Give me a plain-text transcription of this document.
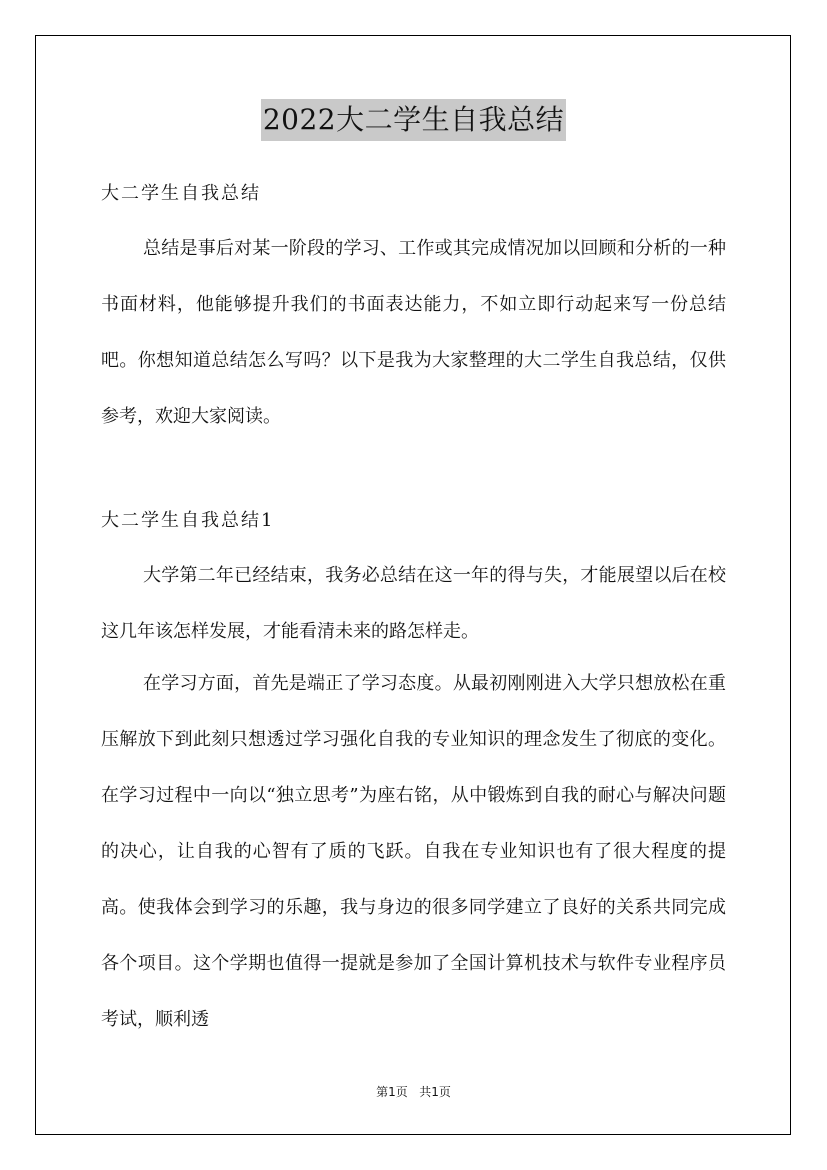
2022大二学生自我总结
大二学生自我总结

总结是事后对某一阶段的学习、工作或其完成情况加以回顾和分析的一种书面材料，他能够提升我们的书面表达能力，不如立即行动起来写一份总结吧。你想知道总结怎么写吗？以下是我为大家整理的大二学生自我总结，仅供参考，欢迎大家阅读。

大二学生自我总结1

大学第二年已经结束，我务必总结在这一年的得与失，才能展望以后在校这几年该怎样发展，才能看清未来的路怎样走。

在学习方面，首先是端正了学习态度。从最初刚刚进入大学只想放松在重压解放下到此刻只想透过学习强化自我的专业知识的理念发生了彻底的变化。在学习过程中一向以“独立思考”为座右铭，从中锻炼到自我的耐心与解决问题的决心，让自我的心智有了质的飞跃。自我在专业知识也有了很大程度的提高。使我体会到学习的乐趣，我与身边的很多同学建立了良好的关系共同完成各个项目。这个学期也值得一提就是参加了全国计算机技术与软件专业程序员考试，顺利透

第1页 共1页
